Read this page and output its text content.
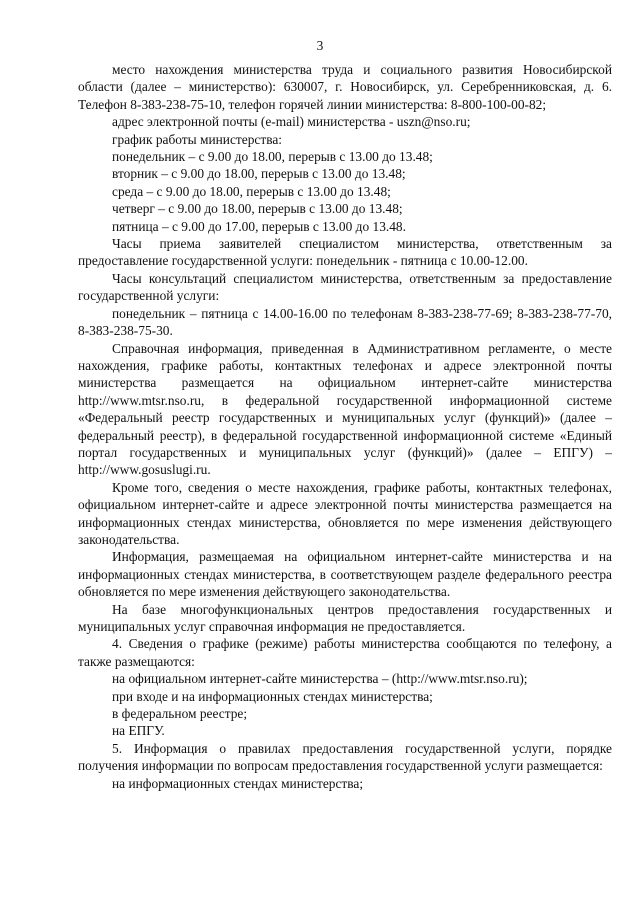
3

место нахождения министерства труда и социального развития Новосибирской области (далее – министерство): 630007, г. Новосибирск, ул. Серебренниковская, д. 6. Телефон 8-383-238-75-10, телефон горячей линии министерства: 8-800-100-00-82;

адрес электронной почты (e-mail) министерства - uszn@nso.ru;

график работы министерства:

понедельник – с 9.00 до 18.00, перерыв с 13.00 до 13.48;

вторник – с 9.00 до 18.00, перерыв с 13.00 до 13.48;

среда – с 9.00 до 18.00, перерыв с 13.00 до 13.48;

четверг – с 9.00 до 18.00, перерыв с 13.00 до 13.48;

пятница – с 9.00 до 17.00, перерыв с 13.00 до 13.48.

Часы приема заявителей специалистом министерства, ответственным за предоставление государственной услуги: понедельник - пятница с 10.00-12.00.

Часы консультаций специалистом министерства, ответственным за предоставление государственной услуги:

понедельник – пятница с 14.00-16.00 по телефонам 8-383-238-77-69; 8-383-238-77-70, 8-383-238-75-30.

Справочная информация, приведенная в Административном регламенте, о месте нахождения, графике работы, контактных телефонах и адресе электронной почты министерства размещается на официальном интернет-сайте министерства http://www.mtsr.nso.ru, в федеральной государственной информационной системе «Федеральный реестр государственных и муниципальных услуг (функций)» (далее – федеральный реестр), в федеральной государственной информационной системе «Единый портал государственных и муниципальных услуг (функций)» (далее – ЕПГУ) – http://www.gosuslugi.ru.

Кроме того, сведения о месте нахождения, графике работы, контактных телефонах, официальном интернет-сайте и адресе электронной почты министерства размещается на информационных стендах министерства, обновляется по мере изменения действующего законодательства.

Информация, размещаемая на официальном интернет-сайте министерства и на информационных стендах министерства, в соответствующем разделе федерального реестра обновляется по мере изменения действующего законодательства.

На базе многофункциональных центров предоставления государственных и муниципальных услуг справочная информация не предоставляется.

4. Сведения о графике (режиме) работы министерства сообщаются по телефону, а также размещаются:

на официальном интернет-сайте министерства – (http://www.mtsr.nso.ru);

при входе и на информационных стендах министерства;

в федеральном реестре;

на ЕПГУ.

5. Информация о правилах предоставления государственной услуги, порядке получения информации по вопросам предоставления государственной услуги размещается:

на информационных стендах министерства;
